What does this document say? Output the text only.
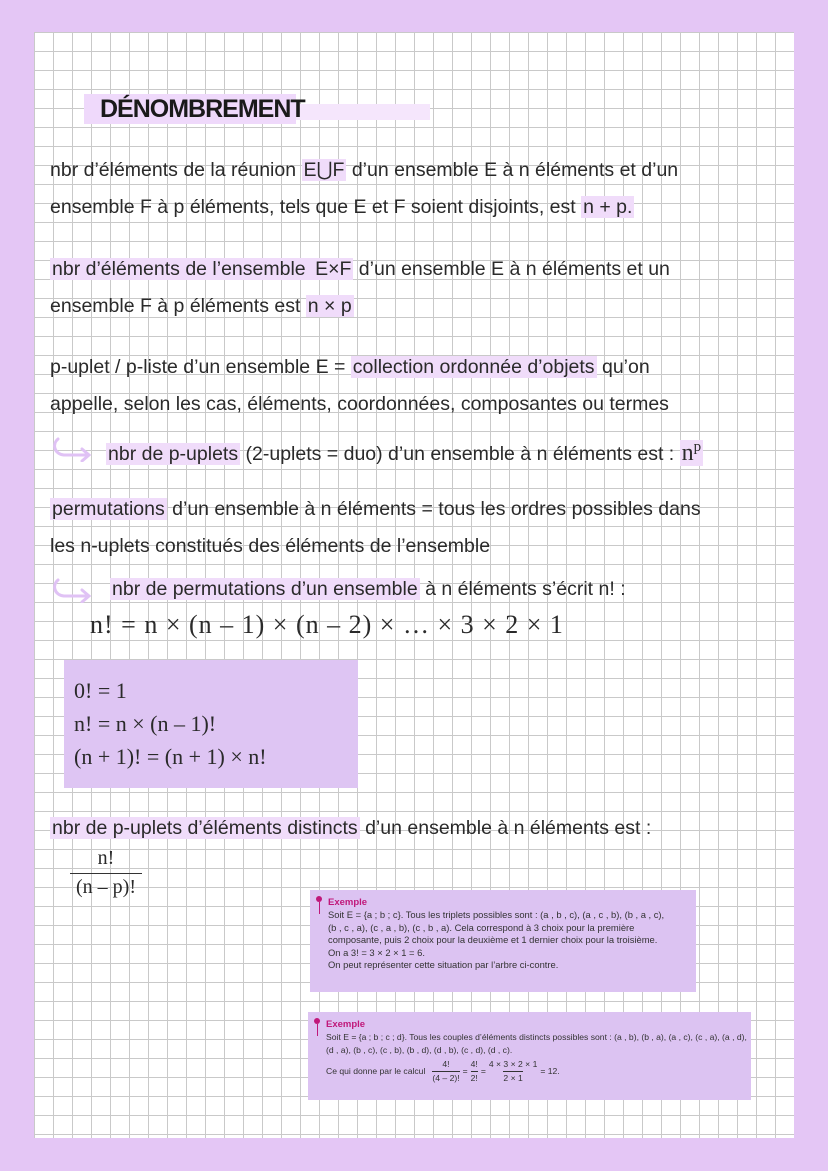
DÉNOMBREMENT
nbr d’éléments de la réunion E⋃F d’un ensemble E à n éléments et d’un
ensemble F à p éléments, tels que E et F soient disjoints, est n + p.
nbr d’éléments de l’ensemble E×F d’un ensemble E à n éléments et un
ensemble F à p éléments est n × p
p-uplet / p-liste d’un ensemble E = collection ordonnée d’objets qu’on
appelle, selon les cas, éléments, coordonnées, composantes ou termes
nbr de p-uplets (2-uplets = duo) d’un ensemble à n éléments est : $n^p$
permutations d’un ensemble à n éléments = tous les ordres possibles dans
les n-uplets constitués des éléments de l’ensemble
nbr de permutations d’un ensemble à n éléments s’écrit n! :
n! = n × (n – 1) × (n – 2) × … × 3 × 2 × 1
0! = 1
n! = n × (n – 1)!
(n + 1)! = (n + 1) × n!
nbr de p-uplets d’éléments distincts d’un ensemble à n éléments est :
$\frac{n!}{(n - p)!}$
Exemple
Soit E = {a ; b ; c}. Tous les triplets possibles sont : (a , b , c), (a , c , b), (b , a , c),
(b , c , a), (c , a , b), (c , b , a). Cela correspond à 3 choix pour la première
composante, puis 2 choix pour la deuxième et 1 dernier choix pour la troisième.
On a 3! = 3 × 2 × 1 = 6.
On peut représenter cette situation par l’arbre ci-contre.
Exemple
Soit E = {a ; b ; c ; d}. Tous les couples d’éléments distincts possibles sont : (a , b), (b , a), (a , c), (c , a), (a , d),
(d , a), (b , c), (c , b), (b , d), (d , b), (c , d), (d , c).
Ce qui donne par le calcul $\frac{4!}{(4 - 2)!} = \frac{4!}{2!} = \frac{4 \times 3 \times 2 \times 1}{2 \times 1} = 12$.
